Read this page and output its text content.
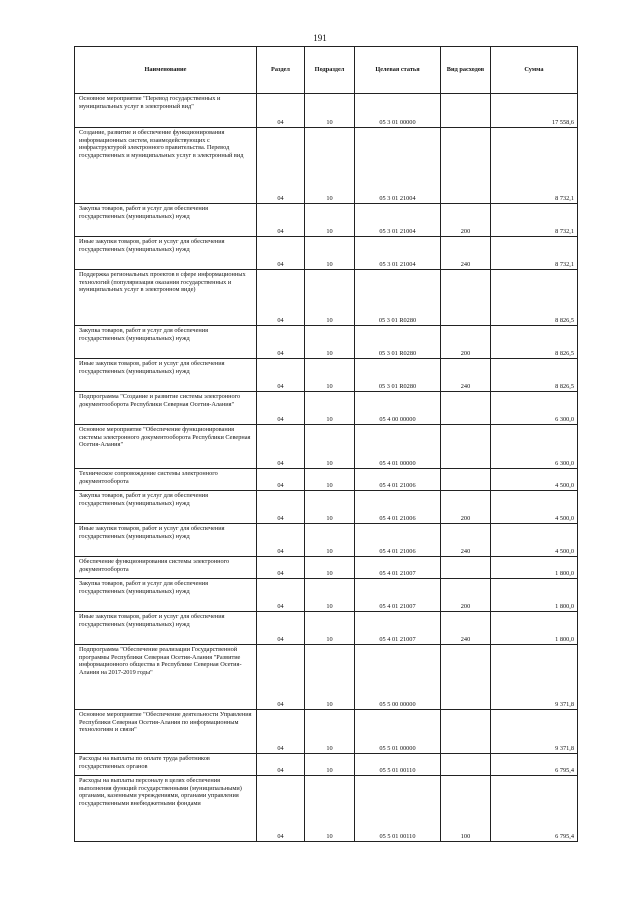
191
Наименование	Раздел	Подраздел	Целевая статья	Вид расходов	Сумма
Основное мероприятие "Перевод государственных и муниципальных услуг в электронный вид"	04	10	05 3 01 00000		17 558,6
Создание, развитие и обеспечение функционирования информационных систем, взаимодействующих с инфраструктурой электронного правительства. Перевод государственных и муниципальных услуг в электронный вид	04	10	05 3 01 21004		8 732,1
Закупка товаров, работ и услуг для обеспечения государственных (муниципальных) нужд	04	10	05 3 01 21004	200	8 732,1
Иные закупки товаров, работ и услуг для обеспечения государственных (муниципальных) нужд	04	10	05 3 01 21004	240	8 732,1
Поддержка региональных проектов в сфере информационных технологий (популяризация оказания государственных и муниципальных услуг в электронном виде)	04	10	05 3 01 R0280		8 826,5
Закупка товаров, работ и услуг для обеспечения государственных (муниципальных) нужд	04	10	05 3 01 R0280	200	8 826,5
Иные закупки товаров, работ и услуг для обеспечения государственных (муниципальных) нужд	04	10	05 3 01 R0280	240	8 826,5
Подпрограмма "Создание и развитие системы электронного документооборота Республики Северная Осетия-Алания"	04	10	05 4 00 00000		6 300,0
Основное мероприятие "Обеспечение функционирования системы электронного документооборота Республики Северная Осетия-Алания"	04	10	05 4 01 00000		6 300,0
Техническое сопровождение системы электронного документооборота	04	10	05 4 01 21006		4 500,0
Закупка товаров, работ и услуг для обеспечения государственных (муниципальных) нужд	04	10	05 4 01 21006	200	4 500,0
Иные закупки товаров, работ и услуг для обеспечения государственных (муниципальных) нужд	04	10	05 4 01 21006	240	4 500,0
Обеспечение функционирования системы электронного документооборота	04	10	05 4 01 21007		1 800,0
Закупка товаров, работ и услуг для обеспечения государственных (муниципальных) нужд	04	10	05 4 01 21007	200	1 800,0
Иные закупки товаров, работ и услуг для обеспечения государственных (муниципальных) нужд	04	10	05 4 01 21007	240	1 800,0
Подпрограмма "Обеспечение реализации Государственной программы Республики Северная Осетия-Алания "Развитие информационного общества в Республике Северная Осетия-Алания на 2017-2019 годы"	04	10	05 5 00 00000		9 371,8
Основное мероприятие "Обеспечение деятельности Управления Республики Северная Осетия-Алания по информационным технологиям и связи"	04	10	05 5 01 00000		9 371,8
Расходы на выплаты по оплате труда работников государственных органов	04	10	05 5 01 00110		6 795,4
Расходы на выплаты персоналу в целях обеспечения выполнения функций государственными (муниципальными) органами, казенными учреждениями, органами управления государственными внебюджетными фондами	04	10	05 5 01 00110	100	6 795,4
